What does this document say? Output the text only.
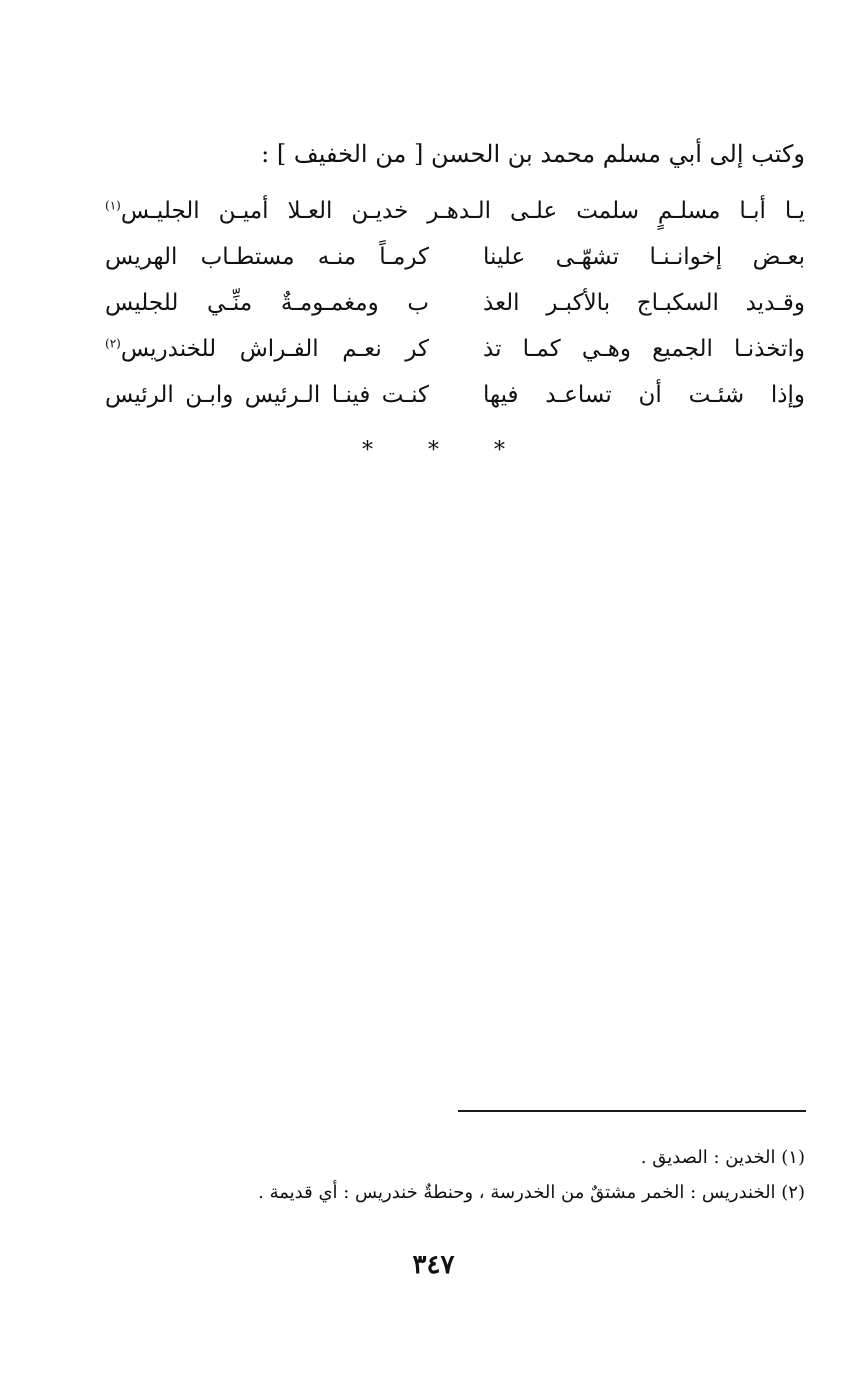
وكتب إلى أبي مسلم محمد بن الحسن [ من الخفيف ] :
يـا أبـا مسلـمٍ سلمت علـى الـدهـر خديـن العـلا أميـن الجليـس$^{(١)}$
بعـض إخوانـنـا تشهّـى علينا
كرمـاً منـه مستطـاب الهريس
وقـديد السكبـاج بالأكبـر العذ
ب ومغمـومـةٌ منِّـي للجليس
واتخذنـا الجميع وهـي كمـا تذ
كر نعـم الفـراش للخندريس$^{(٢)}$
وإذا شئـت أن تساعـد فيها
كنـت فينـا الـرئيس وابـن الرئيس
* * *
(١) الخدين : الصديق .
(٢) الخندريس : الخمر مشتقٌ من الخدرسة ، وحنطةٌ خندريس : أي قديمة .
٣٤٧
